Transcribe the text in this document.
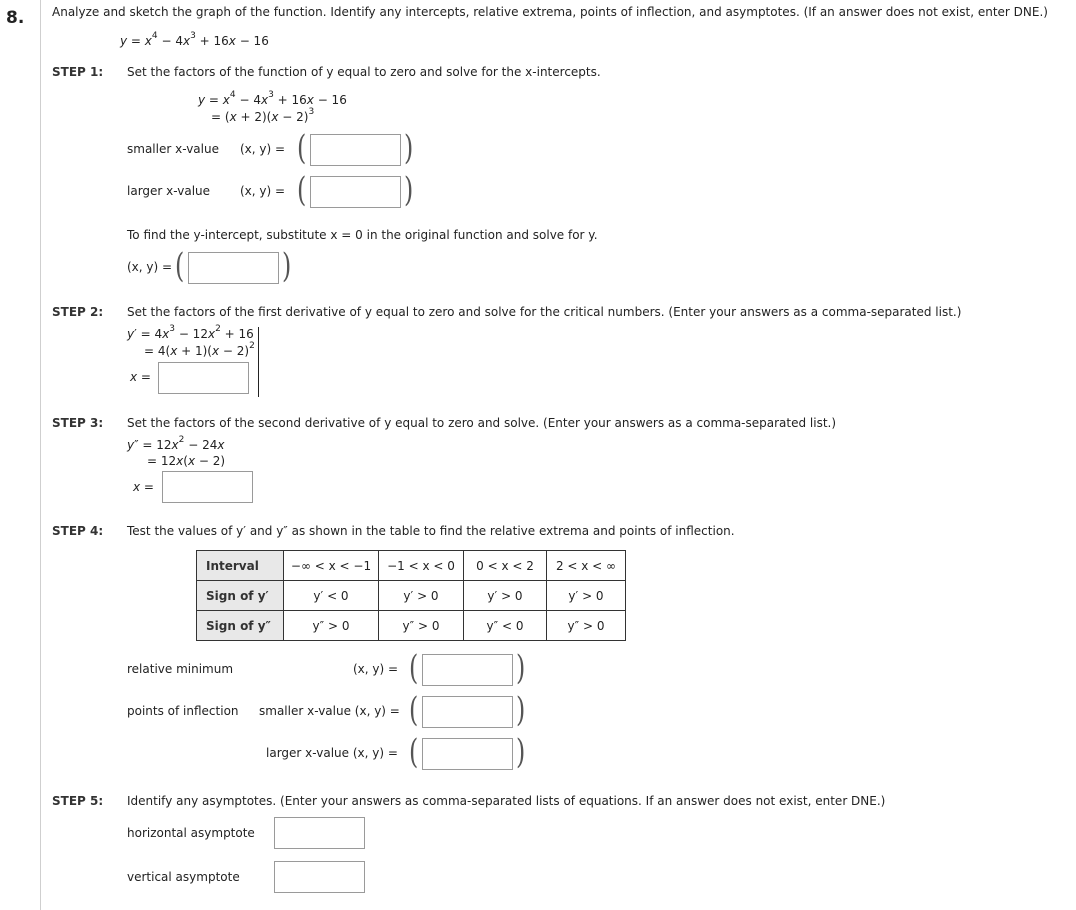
8. Analyze and sketch the graph of the function. Identify any intercepts, relative extrema, points of inflection, and asymptotes. (If an answer does not exist, enter DNE.)
$y = x^4 - 4x^3 + 16x - 16$
STEP 1: Set the factors of the function of y equal to zero and solve for the x-intercepts.
$y = x^4 - 4x^3 + 16x - 16$
= $(x + 2)(x - 2)^3$
smaller x-value (x, y) = (	)
larger x-value (x, y) = (	)
To find the y-intercept, substitute x = 0 in the original function and solve for y.
(x, y) = (	)
STEP 2: Set the factors of the first derivative of y equal to zero and solve for the critical numbers. (Enter your answers as a comma-separated list.)
$y' = 4x^3 - 12x^2 + 16$
= $4(x + 1)(x - 2)^2$
x =
STEP 3: Set the factors of the second derivative of y equal to zero and solve. (Enter your answers as a comma-separated list.)
$y'' = 12x^2 - 24x$
= 12x(x − 2)
x =
STEP 4: Test the values of y′ and y″ as shown in the table to find the relative extrema and points of inflection.
Interval	−∞ < x < −1	−1 < x < 0	0 < x < 2	2 < x < ∞
Sign of y′	y′ < 0	y′ > 0	y′ > 0	y′ > 0
Sign of y″	y″ > 0	y″ > 0	y″ < 0	y″ > 0
relative minimum	(x, y) = (	)
points of inflection smaller x-value (x, y) = (	)
larger x-value (x, y) = (	)
STEP 5: Identify any asymptotes. (Enter your answers as comma-separated lists of equations. If an answer does not exist, enter DNE.)
horizontal asymptote
vertical asymptote
